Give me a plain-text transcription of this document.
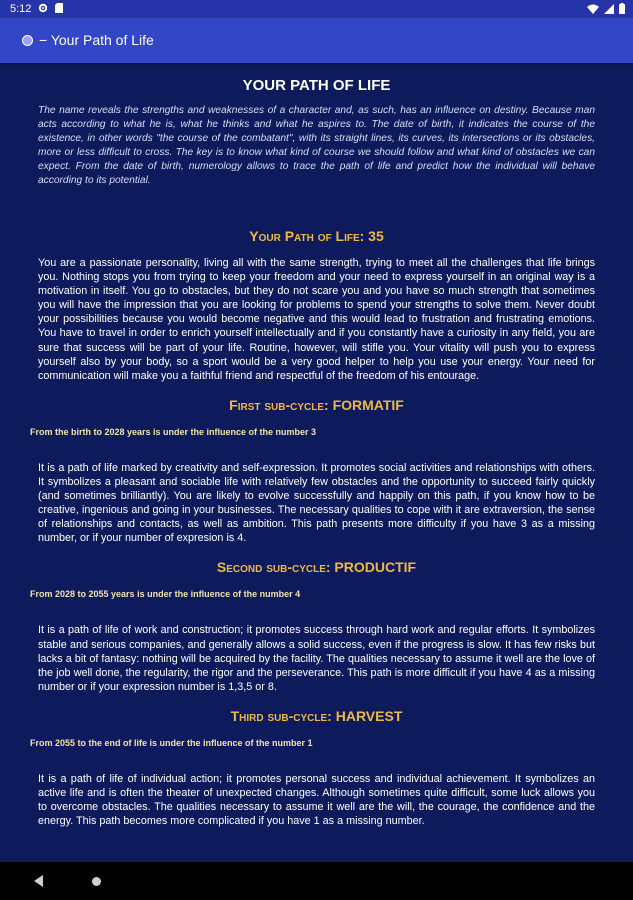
5:12
− Your Path of Life
YOUR PATH OF LIFE

The name reveals the strengths and weaknesses of a character and, as such, has an influence on destiny. Because man acts according to what he is, what he thinks and what he aspires to. The date of birth, it indicates the course of the existence, in other words "the course of the combatant", with its straight lines, its curves, its intersections or its obstacles, more or less difficult to cross. The key is to know what kind of course we should follow and what kind of obstacles we can expect. From the date of birth, numerology allows to trace the path of life and predict how the individual will behave according to its potential.

Your Path of Life: 35

You are a passionate personality, living all with the same strength, trying to meet all the challenges that life brings you. Nothing stops you from trying to keep your freedom and your need to express yourself in an original way is a motivation in itself. You go to obstacles, but they do not scare you and you have so much strength that sometimes you will have the impression that you are looking for problems to spend your strengths to solve them. Never doubt your possibilities because you would become negative and this would lead to frustration and frustrating emotions. You have to travel in order to enrich yourself intellectually and if you constantly have a curiosity in any field, you are sure that success will be part of your life. Routine, however, will stifle you. Your vitality will push you to express yourself also by your body, so a sport would be a very good helper to help you use your energy. Your need for communication will make you a faithful friend and respectful of the freedom of his entourage.

First sub-cycle: FORMATIF
From the birth to 2028 years is under the influence of the number 3

It is a path of life marked by creativity and self-expression. It promotes social activities and relationships with others. It symbolizes a pleasant and sociable life with relatively few obstacles and the opportunity to succeed fairly quickly (and sometimes brilliantly). You are likely to evolve successfully and happily on this path, if you know how to be creative, ingenious and going in your businesses. The necessary qualities to cope with it are extraversion, the sense of relationships and contacts, as well as ambition. This path presents more difficulty if you have 3 as a missing number, or if your number of expresion is 4.

Second sub-cycle: PRODUCTIF
From 2028 to 2055 years is under the influence of the number 4

It is a path of life of work and construction; it promotes success through hard work and regular efforts. It symbolizes stable and serious companies, and generally allows a solid success, even if the progress is slow. It has few risks but lacks a bit of fantasy: nothing will be acquired by the facility. The qualities necessary to assume it well are the love of the job well done, the regularity, the rigor and the perseverance. This path is more difficult if you have 4 as a missing number or if your expression number is 1,3,5 or 8.

Third sub-cycle: HARVEST
From 2055 to the end of life is under the influence of the number 1

It is a path of life of individual action; it promotes personal success and individual achievement. It symbolizes an active life and is often the theater of unexpected changes. Although sometimes quite difficult, some luck allows you to overcome obstacles. The qualities necessary to assume it well are the will, the courage, the confidence and the energy. This path becomes more complicated if you have 1 as a missing number.
